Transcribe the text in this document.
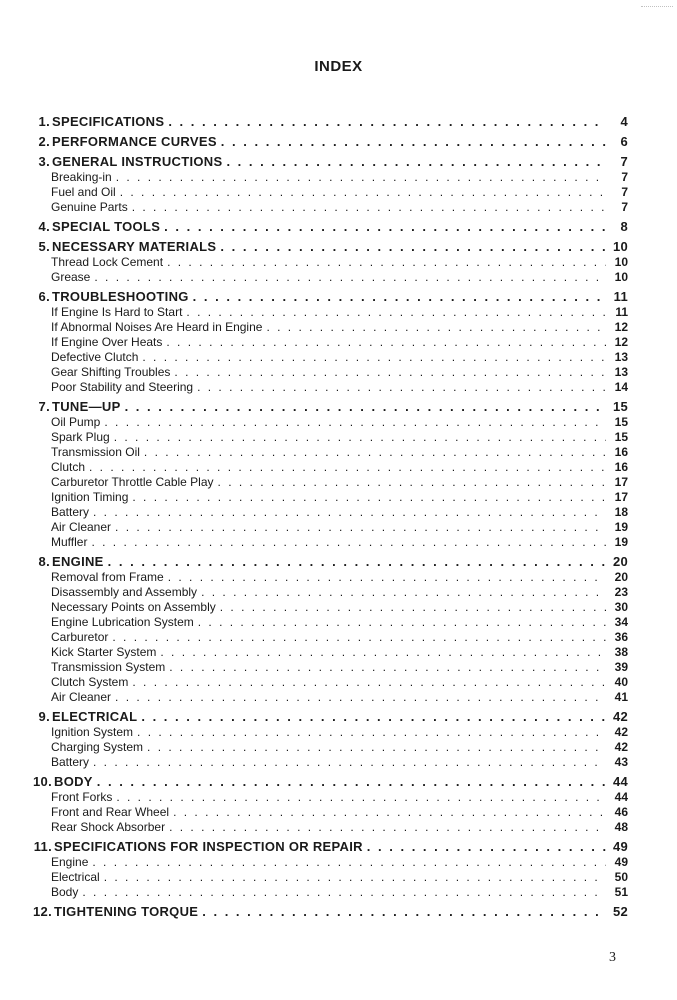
INDEX
1. SPECIFICATIONS . . .	4
2. PERFORMANCE CURVES . . .	6
3. GENERAL INSTRUCTIONS . . .	7
Breaking-in . . .	7
Fuel and Oil . . .	7
Genuine Parts . . .	7
4. SPECIAL TOOLS . . .	8
5. NECESSARY MATERIALS . . .	10
Thread Lock Cement . . .	10
Grease . . .	10
6. TROUBLESHOOTING . . .	11
If Engine Is Hard to Start . . .	11
If Abnormal Noises Are Heard in Engine . . .	12
If Engine Over Heats . . .	12
Defective Clutch . . .	13
Gear Shifting Troubles . . .	13
Poor Stability and Steering . . .	14
7. TUNE—UP . . .	15
Oil Pump . . .	15
Spark Plug . . .	15
Transmission Oil . . .	16
Clutch . . .	16
Carburetor Throttle Cable Play . . .	17
Ignition Timing . . .	17
Battery . . .	18
Air Cleaner . . .	19
Muffler . . .	19
8. ENGINE . . .	20
Removal from Frame . . .	20
Disassembly and Assembly . . .	23
Necessary Points on Assembly . . .	30
Engine Lubrication System . . .	34
Carburetor . . .	36
Kick Starter System . . .	38
Transmission System . . .	39
Clutch System . . .	40
Air Cleaner . . .	41
9. ELECTRICAL . . .	42
Ignition System . . .	42
Charging System . . .	42
Battery . . .	43
10. BODY . . .	44
Front Forks . . .	44
Front and Rear Wheel . . .	46
Rear Shock Absorber . . .	48
11. SPECIFICATIONS FOR INSPECTION OR REPAIR . . .	49
Engine . . .	49
Electrical . . .	50
Body . . .	51
12. TIGHTENING TORQUE . . .	52
3
